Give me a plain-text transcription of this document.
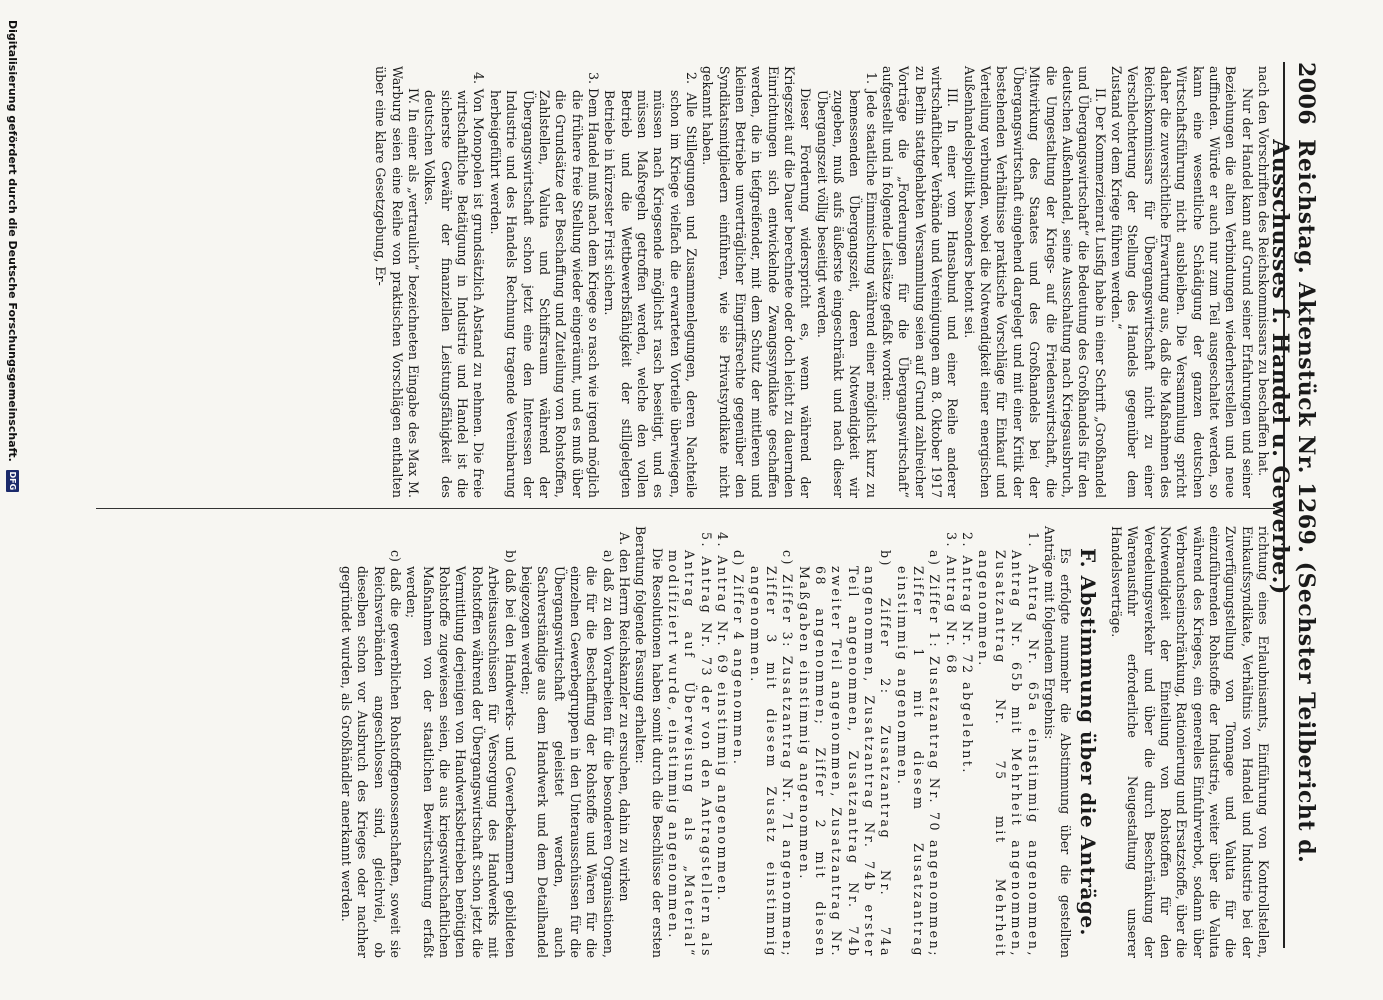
2006
Reichstag. Aktenstück Nr. 1269. (Sechster Teilbericht d. Ausschusses f. Handel u. Gewerbe.)

nach den Vorschriften des Reichskommissars zu beschaffen hat.

Nur der Handel kann auf Grund seiner Erfahrungen und seiner Beziehungen die alten Verbindungen wiederherstellen und neue auffinden. Würde er auch nur zum Teil ausgeschaltet werden, so kann eine wesentliche Schädigung der ganzen deutschen Wirtschaftsführung nicht ausbleiben. Die Versammlung spricht daher die zuversichtliche Erwartung aus, daß die Maßnahmen des Reichskommissars für Übergangswirtschaft nicht zu einer Verschlechterung der Stellung des Handels gegenüber dem Zustand vor dem Kriege führen werden.“

II. Der Kommerzienrat Lusfig habe in einer Schrift „Großhandel und Übergangswirtschaft“ die Bedeutung des Großhandels für den deutschen Außenhandel, seine Ausschaltung nach Kriegsausbruch, die Umgestaltung der Kriegs- auf die Friedenswirtschaft, die Mitwirkung des Staates und des Großhandels bei der Übergangswirtschaft eingehend dargelegt und mit einer Kritik der bestehenden Verhältnisse praktische Vorschläge für Einkauf und Verteilung verbunden, wobei die Notwendigkeit einer energischen Außenhandelspolitik besonders betont sei.

III. In einer vom Hansabund und einer Reihe anderer wirtschaftlicher Verbände und Vereinigungen am 8. Oktober 1917 zu Berlin stattgehabten Versammlung seien auf Grund zahlreicher Vorträge die „Forderungen für die Übergangswirtschaft“ aufgestellt und in folgende Leitsätze gefaßt worden:

1. Jede staatliche Einmischung während einer möglichst kurz zu bemessenden Übergangszeit, deren Notwendigkeit wir zugeben, muß aufs äußerste eingeschränkt und nach dieser Übergangszeit völlig beseitigt werden.

Dieser Forderung widerspricht es, wenn während der Kriegszeit auf die Dauer berechnete oder doch leicht zu dauernden Einrichtungen sich entwickelnde Zwangssyndikate geschaffen werden, die in tiefgreifender, mit dem Schutz der mittleren und kleinen Betriebe unverträglicher Eingriffsrechte gegenüber den Syndikatsmitgliedern einführen, wie sie Privatsyndikate nicht gekannt haben.

2. Alle Stillegungen und Zusammenlegungen, deren Nachteile schon im Kriege vielfach die erwarteten Vorteile überwiegen, müssen nach Kriegsende möglichst rasch beseitigt, und es müssen Maßregeln getroffen werden, welche den vollen Betrieb und die Wettbewerbsfähigkeit der stillgelegten Betriebe in kürzester Frist sichern.

3. Dem Handel muß nach dem Kriege so rasch wie irgend möglich die frühere freie Stellung wieder eingeräumt, und es muß über die Grundsätze der Beschaffung und Zuteilung von Rohstoffen, Zahlstellen, Valuta und Schiffsraum während der Übergangswirtschaft schon jetzt eine den Interessen der Industrie und des Handels Rechnung tragende Vereinbarung herbeigeführt werden.

4. Von Monopolen ist grundsätzlich Abstand zu nehmen. Die freie wirtschaftliche Betätigung in Industrie und Handel ist die sicherste Gewähr der finanziellen Leistungsfähigkeit des deutschen Volkes.

IV. In einer als „vertraulich“ bezeichneten Eingabe des Max M. Warburg seien eine Reihe von praktischen Vorschlägen enthalten über eine klare Gesetzgebung, Er-

richtung eines Erlaubnisamts, Einführung von Kontrollstellen, Einkaufssyndikate, Verhältnis von Handel und Industrie bei der Zuverfügungstellung von Tonnage und Valuta für die einzuführenden Rohstoffe der Industrie, weiter über die Valuta während des Krieges, ein generelles Einfuhrverbot, sodann über Verbrauchseinschränkung, Rationierung und Ersatzstoffe, über die Notwendigkeit der Einteilung von Rohstoffen für den Veredelungsverkehr und über die durch Beschränkung der Warenausfuhr erforderliche Neugestaltung unserer Handelsverträge.

F. Abstimmung über die Anträge.

Es erfolgte nunmehr die Abstimmung über die gestellten Anträge mit folgendem Ergebnis:

1. Antrag Nr. 65a einstimmig angenommen, Antrag Nr. 65b mit Mehrheit angenommen, Zusatzantrag Nr. 75 mit Mehrheit angenommen.

2. Antrag Nr. 72 abgelehnt.

3. Antrag Nr. 68

a) Ziffer 1: Zusatzantrag Nr. 70 angenommen; Ziffer 1 mit diesem Zusatzantrag einstimmig angenommen.

b) Ziffer 2: Zusatzantrag Nr. 74a angenommen, Zusatzantrag Nr. 74b erster Teil angenommen, Zusatzantrag Nr. 74b zweiter Teil angenommen, Zusatzantrag Nr. 68 angenommen; Ziffer 2 mit diesen Maßgaben einstimmig angenommen.

c) Ziffer 3: Zusatzantrag Nr. 71 angenommen; Ziffer 3 mit diesem Zusatz einstimmig angenommen.

d) Ziffer 4 angenommen.

4. Antrag Nr. 69 einstimmig angenommen.

5. Antrag Nr. 73 der von den Antragstellern als Antrag auf Überweisung als „Material“ modifiziert wurde, einstimmig angenommen.

Die Resolutionen haben somit durch die Beschlüsse der ersten Beratung folgende Fassung erhalten:

A. den Herrn Reichskanzler zu ersuchen, dahin zu wirken

a) daß zu den Vorarbeiten für die besonderen Organisationen, die für die Beschaffung der Rohstoffe und Waren für die einzelnen Gewerbegruppen in den Unterausschüssen für die Übergangswirtschaft geleistet werden, auch Sachverständige aus dem Handwerk und dem Detailhandel beigezogen werden;

b) daß bei den Handwerks- und Gewerbekammern gebildeten Arbeitsausschüssen für Versorgung des Handwerks mit Rohstoffen während der Übergangswirtschaft schon jetzt die Vermittlung derjenigen von Handwerksbetrieben benötigten Rohstoffe zugewiesen seien, die aus kriegswirtschaftlichen Maßnahmen von der staatlichen Bewirtschaftung erfaßt werden;

c) daß die gewerblichen Rohstoffgenossenschaften, soweit sie Reichsverbänden angeschlossen sind, gleichviel, ob dieselben schon vor Ausbruch des Krieges oder nachher gegründet wurden, als Großhändler anerkannt werden.

Digitalisierung gefördert durch die Deutsche Forschungsgemeinschaft.
DFG
